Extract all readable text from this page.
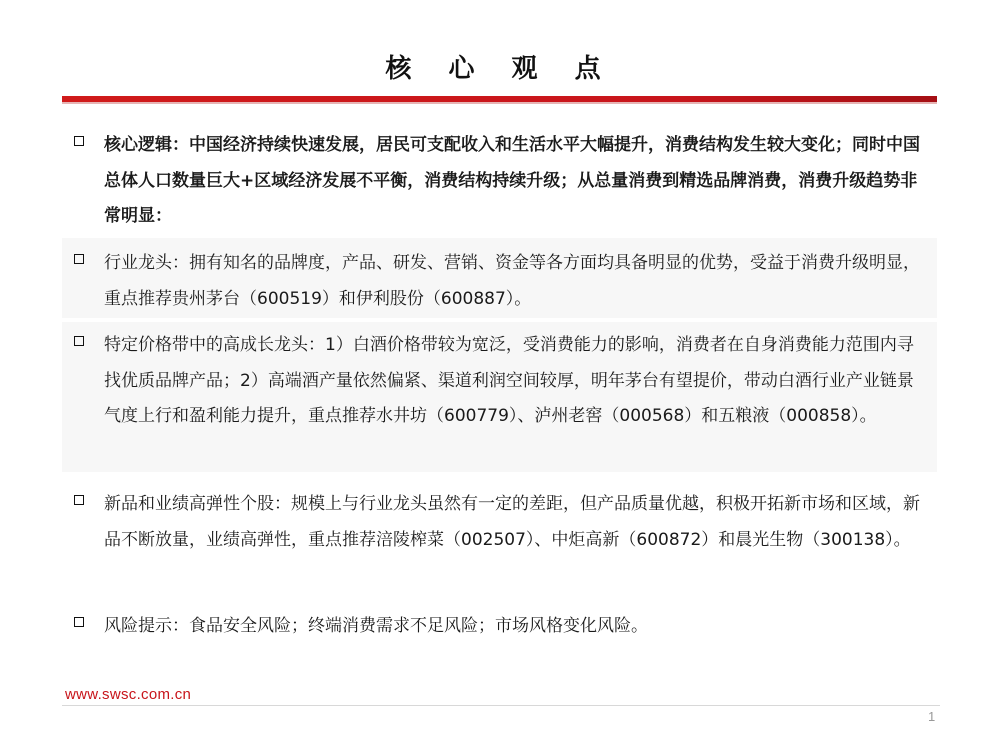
核 心 观 点
核心逻辑：中国经济持续快速发展，居民可支配收入和生活水平大幅提升，消费结构发生较大变化；同时中国总体人口数量巨大+区域经济发展不平衡，消费结构持续升级；从总量消费到精选品牌消费，消费升级趋势非常明显：
行业龙头：拥有知名的品牌度，产品、研发、营销、资金等各方面均具备明显的优势，受益于消费升级明显，重点推荐贵州茅台（600519）和伊利股份（600887）。
特定价格带中的高成长龙头：1）白酒价格带较为宽泛，受消费能力的影响，消费者在自身消费能力范围内寻找优质品牌产品；2）高端酒产量依然偏紧、渠道利润空间较厚，明年茅台有望提价，带动白酒行业产业链景气度上行和盈利能力提升，重点推荐水井坊（600779）、泸州老窖（000568）和五粮液（000858）。
新品和业绩高弹性个股：规模上与行业龙头虽然有一定的差距，但产品质量优越，积极开拓新市场和区域，新品不断放量，业绩高弹性，重点推荐涪陵榨菜（002507）、中炬高新（600872）和晨光生物（300138）。
风险提示：食品安全风险；终端消费需求不足风险；市场风格变化风险。
www.swsc.com.cn
1
